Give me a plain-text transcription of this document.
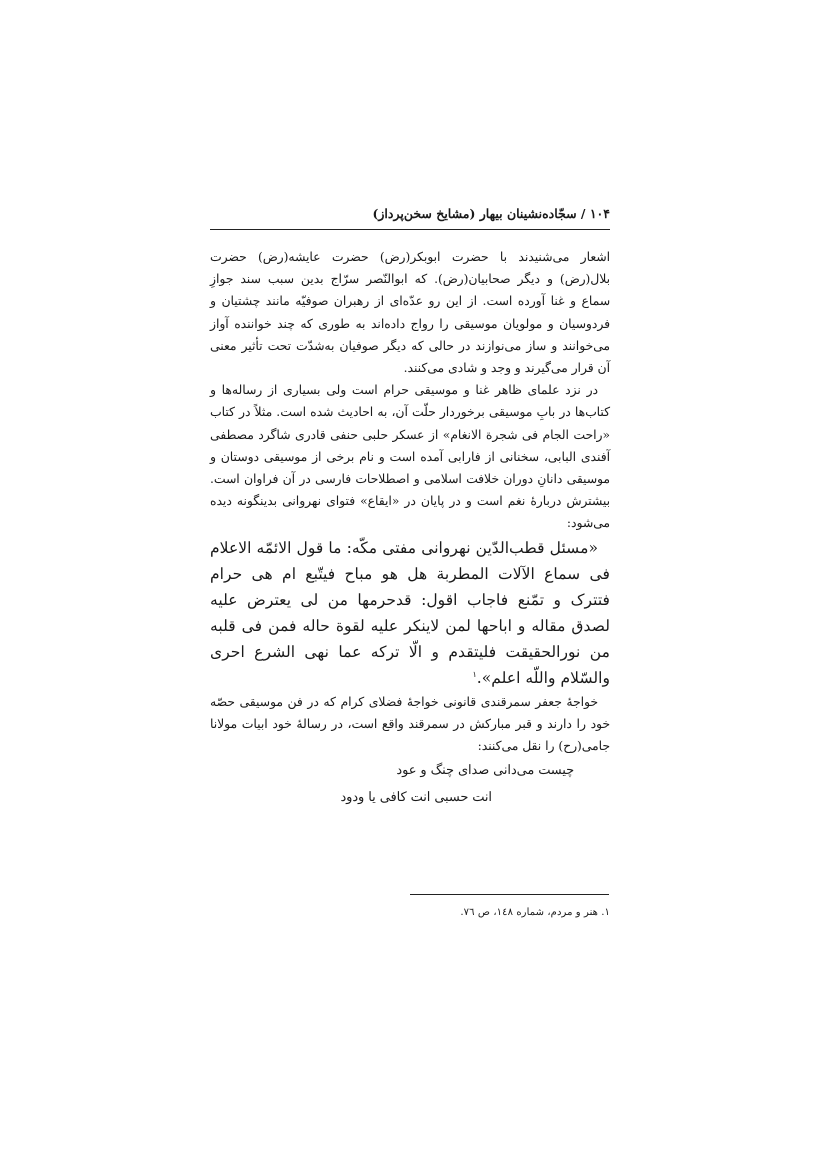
۱۰۴ / سجّاده‌نشینان بیهار (مشایخ سخن‌پرداز)

اشعار می‌شنیدند با حضرت ابوبکر(رض) حضرت عایشه(رض) حضرت بلال(رض) و دیگر صحابیان(رض). که ابوالنّصر سرّاج بدین سبب سند جوازِ سماع و غنا آورده است. از این رو عدّه‌ای از رهبران صوفیّه مانند چشتیان و فردوسیان و مولویان موسیقی را رواج داده‌اند به طوری که چند خواننده آواز می‌خوانند و ساز می‌نوازند در حالی که دیگر صوفیان به‌شدّت تحت تأثیر معنی آن قرار می‌گیرند و وجد و شادی می‌کنند.

در نزد علمای ظاهر غنا و موسیقی حرام است ولی بسیاری از رساله‌ها و کتاب‌ها در بابِ موسیقی برخوردار حلّت آن، به احادیث شده است. مثلاً در کتاب «راحت الجام فی شجرة الانغام» از عسکر حلبی حنفی قادری شاگرد مصطفی آفندی البابی، سخنانی از فارابی آمده است و نام برخی از موسیقی دوستان و موسیقی دانانِ دوران خلافت اسلامی و اصطلاحات فارسی در آن فراوان است. بیشترش دربارهٔ نغم است و در پایان در «ایقاع» فتوای نهروانی بدینگونه دیده می‌شود:

«مسئل قطب‌الدّین نهروانی مفتی مکّه: ما قول الائمّه الاعلام فی سماع الآلات المطربة هل هو مباح فیتّبع ام هی حرام فتترک و تمّنع فاجاب اقول: قدحرمها من لی یعترض علیه لصدق مقاله و اباحها لمن لاینکر علیه لقوة حاله فمن فی قلبه من نورالحقیقت فلیتقدم و الّا ترکه عما نهی الشرع احری والسّلام واللّه اعلم».$^۱$

خواجهٔ جعفر سمرقندی قانونی خواجهٔ فضلای کرام که در فن موسیقی حصّه خود را دارند و قبر مبارکش در سمرقند واقع است، در رسالهٔ خود ابیات مولانا جامی(رح) را نقل می‌کنند:

چیست می‌دانی صدای چنگ و عود

انت حسبی انت کافی یا ودود

۱. هنر و مردم، شماره ۱٤۸، ص ۷٦.
